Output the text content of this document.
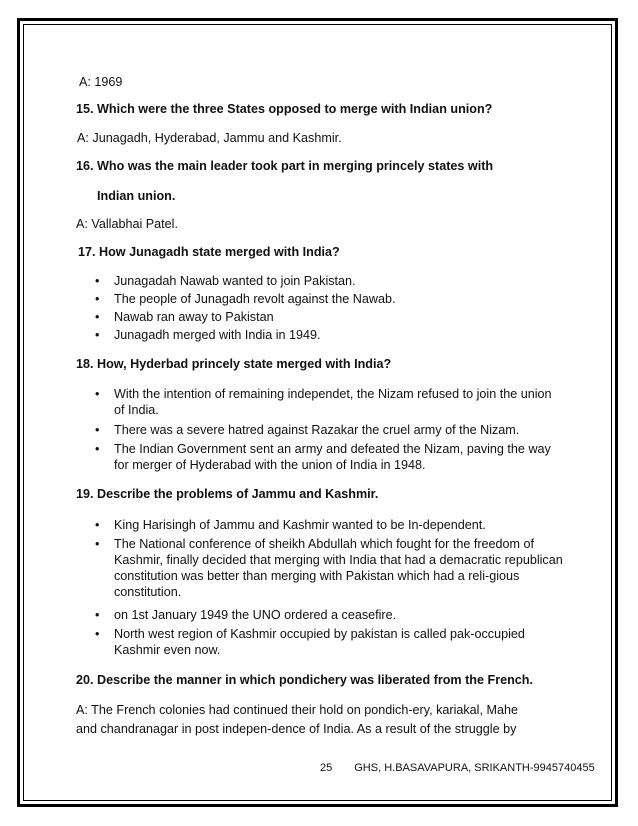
A: 1969
15. Which were the three States opposed to merge with Indian union?
A: Junagadh, Hyderabad, Jammu and Kashmir.
16. Who was the main leader took part in merging princely states with
Indian union.
A: Vallabhai Patel.
17. How Junagadh state merged with India?
• Junagadah Nawab wanted to join Pakistan.
• The people of Junagadh revolt against the Nawab.
• Nawab ran away to Pakistan
• Junagadh merged with India in 1949.
18. How, Hyderbad princely state merged with India?
• With the intention of remaining independet, the Nizam refused to join the union of India.
• There was a severe hatred against Razakar the cruel army of the Nizam.
• The Indian Government sent an army and defeated the Nizam, paving the way for merger of Hyderabad with the union of India in 1948.
19. Describe the problems of Jammu and Kashmir.
• King Harisingh of Jammu and Kashmir wanted to be In-dependent.
• The National conference of sheikh Abdullah which fought for the freedom of Kashmir, finally decided that merging with India that had a demacratic republican constitution was better than merging with Pakistan which had a reli-gious constitution.
• on 1st January 1949 the UNO ordered a ceasefire.
• North west region of Kashmir occupied by pakistan is called pak-occupied Kashmir even now.
20. Describe the manner in which pondichery was liberated from the French.
A: The French colonies had continued their hold on pondich-ery, kariakal, Mahe
and chandranagar in post indepen-dence of India. As a result of the struggle by
25 GHS, H.BASAVAPURA, SRIKANTH-9945740455
